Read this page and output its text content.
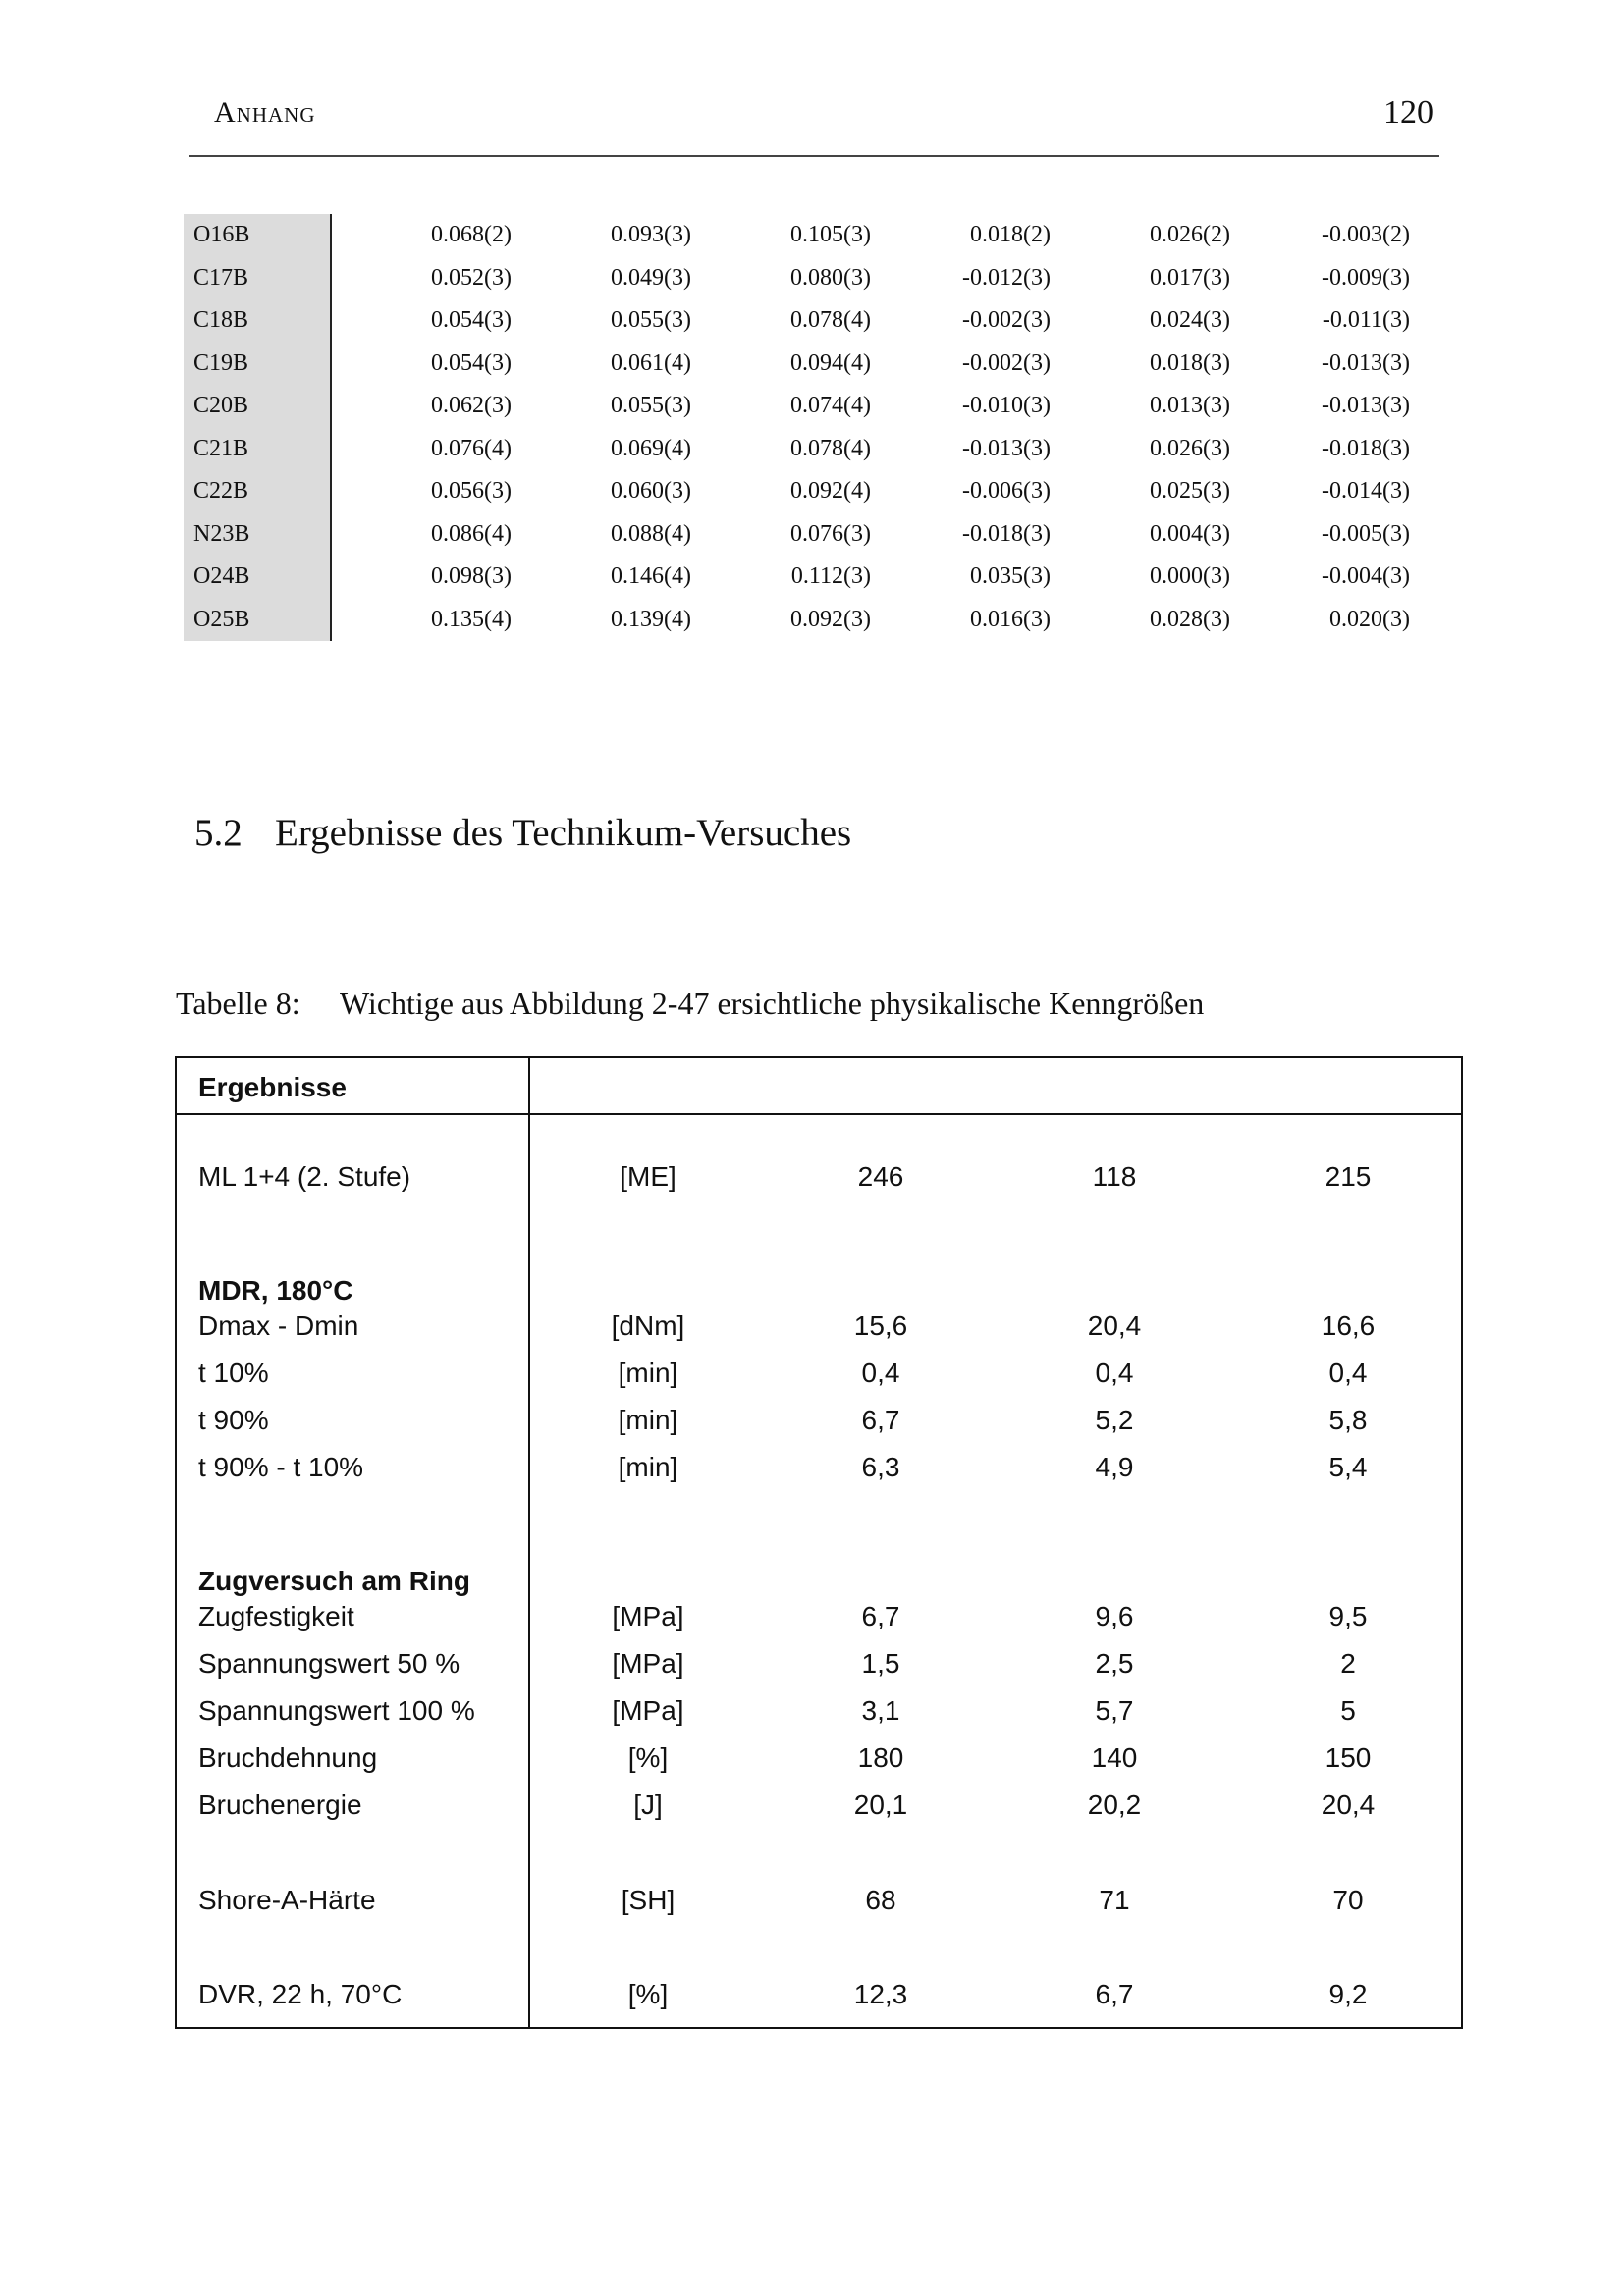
Anhang	120
O16B	0.068(2)	0.093(3)	0.105(3)	0.018(2)	0.026(2)	-0.003(2)
C17B	0.052(3)	0.049(3)	0.080(3)	-0.012(3)	0.017(3)	-0.009(3)
C18B	0.054(3)	0.055(3)	0.078(4)	-0.002(3)	0.024(3)	-0.011(3)
C19B	0.054(3)	0.061(4)	0.094(4)	-0.002(3)	0.018(3)	-0.013(3)
C20B	0.062(3)	0.055(3)	0.074(4)	-0.010(3)	0.013(3)	-0.013(3)
C21B	0.076(4)	0.069(4)	0.078(4)	-0.013(3)	0.026(3)	-0.018(3)
C22B	0.056(3)	0.060(3)	0.092(4)	-0.006(3)	0.025(3)	-0.014(3)
N23B	0.086(4)	0.088(4)	0.076(3)	-0.018(3)	0.004(3)	-0.005(3)
O24B	0.098(3)	0.146(4)	0.112(3)	0.035(3)	0.000(3)	-0.004(3)
O25B	0.135(4)	0.139(4)	0.092(3)	0.016(3)	0.028(3)	0.020(3)
5.2 Ergebnisse des Technikum-Versuches
Tabelle 8: Wichtige aus Abbildung 2-47 ersichtliche physikalische Kenngrößen
Ergebnisse
ML 1+4 (2. Stufe)	[ME]	246	118	215
MDR, 180°C
Dmax - Dmin	[dNm]	15,6	20,4	16,6
t 10%	[min]	0,4	0,4	0,4
t 90%	[min]	6,7	5,2	5,8
t 90% - t 10%	[min]	6,3	4,9	5,4
Zugversuch am Ring
Zugfestigkeit	[MPa]	6,7	9,6	9,5
Spannungswert 50 %	[MPa]	1,5	2,5	2
Spannungswert 100 %	[MPa]	3,1	5,7	5
Bruchdehnung	[%]	180	140	150
Bruchenergie	[J]	20,1	20,2	20,4
Shore-A-Härte	[SH]	68	71	70
DVR, 22 h, 70°C	[%]	12,3	6,7	9,2
